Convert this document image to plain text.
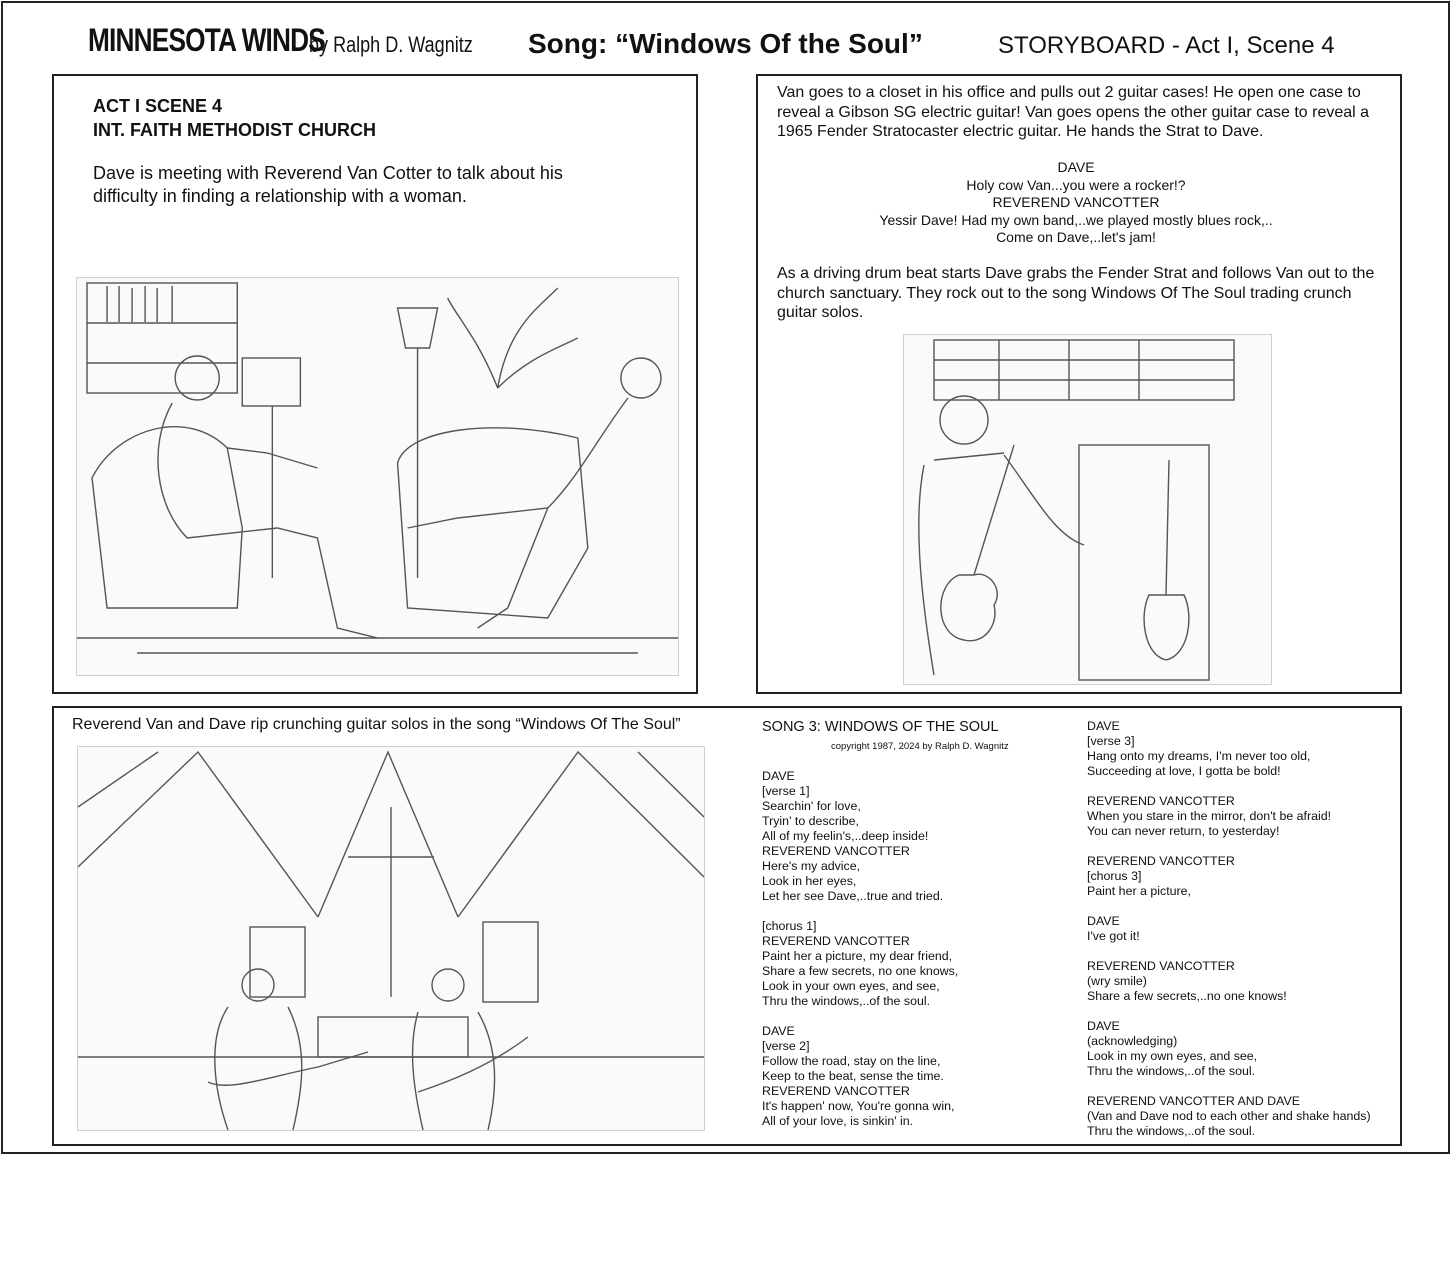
MINNESOTA WINDS
by Ralph D. Wagnitz Song: “Windows Of the Soul”	STORYBOARD - Act I, Scene 4
ACT I SCENE 4
INT. FAITH METHODIST CHURCH
Dave is meeting with Reverend Van Cotter to talk about his difficulty in finding a relationship with a woman.
Van goes to a closet in his office and pulls out 2 guitar cases! He open one case to reveal a Gibson SG electric guitar! Van goes opens the other guitar case to reveal a 1965 Fender Stratocaster electric guitar. He hands the Strat to Dave.
DAVE
Holy cow Van...you were a rocker!?
REVEREND VANCOTTER
Yessir Dave! Had my own band,..we played mostly blues rock,..
Come on Dave,..let's jam!
As a driving drum beat starts Dave grabs the Fender Strat and follows Van out to the church sanctuary. They rock out to the song Windows Of The Soul trading crunch guitar solos.
Reverend Van and Dave rip crunching guitar solos in the song “Windows Of The Soul”	SONG 3: WINDOWS OF THE SOUL
copyright 1987, 2024 by Ralph D. Wagnitz
DAVE
[verse 1]
Searchin' for love,
Tryin' to describe,
All of my feelin's,..deep inside!
REVEREND VANCOTTER
Here's my advice,
Look in her eyes,
Let her see Dave,..true and tried.

[chorus 1]
REVEREND VANCOTTER
Paint her a picture, my dear friend,
Share a few secrets, no one knows,
Look in your own eyes, and see,
Thru the windows,..of the soul.

DAVE
[verse 2]
Follow the road, stay on the line,
Keep to the beat, sense the time.
REVEREND VANCOTTER
It's happen' now, You're gonna win,
All of your love, is sinkin' in.
DAVE
[verse 3]
Hang onto my dreams, I'm never too old,
Succeeding at love, I gotta be bold!

REVEREND VANCOTTER
When you stare in the mirror, don't be afraid!
You can never return, to yesterday!

REVEREND VANCOTTER
[chorus 3]
Paint her a picture,

DAVE
I've got it!

REVEREND VANCOTTER
(wry smile)
Share a few secrets,..no one knows!

DAVE
(acknowledging)
Look in my own eyes, and see,
Thru the windows,..of the soul.

REVEREND VANCOTTER AND DAVE
(Van and Dave nod to each other and shake hands)
Thru the windows,..of the soul.
